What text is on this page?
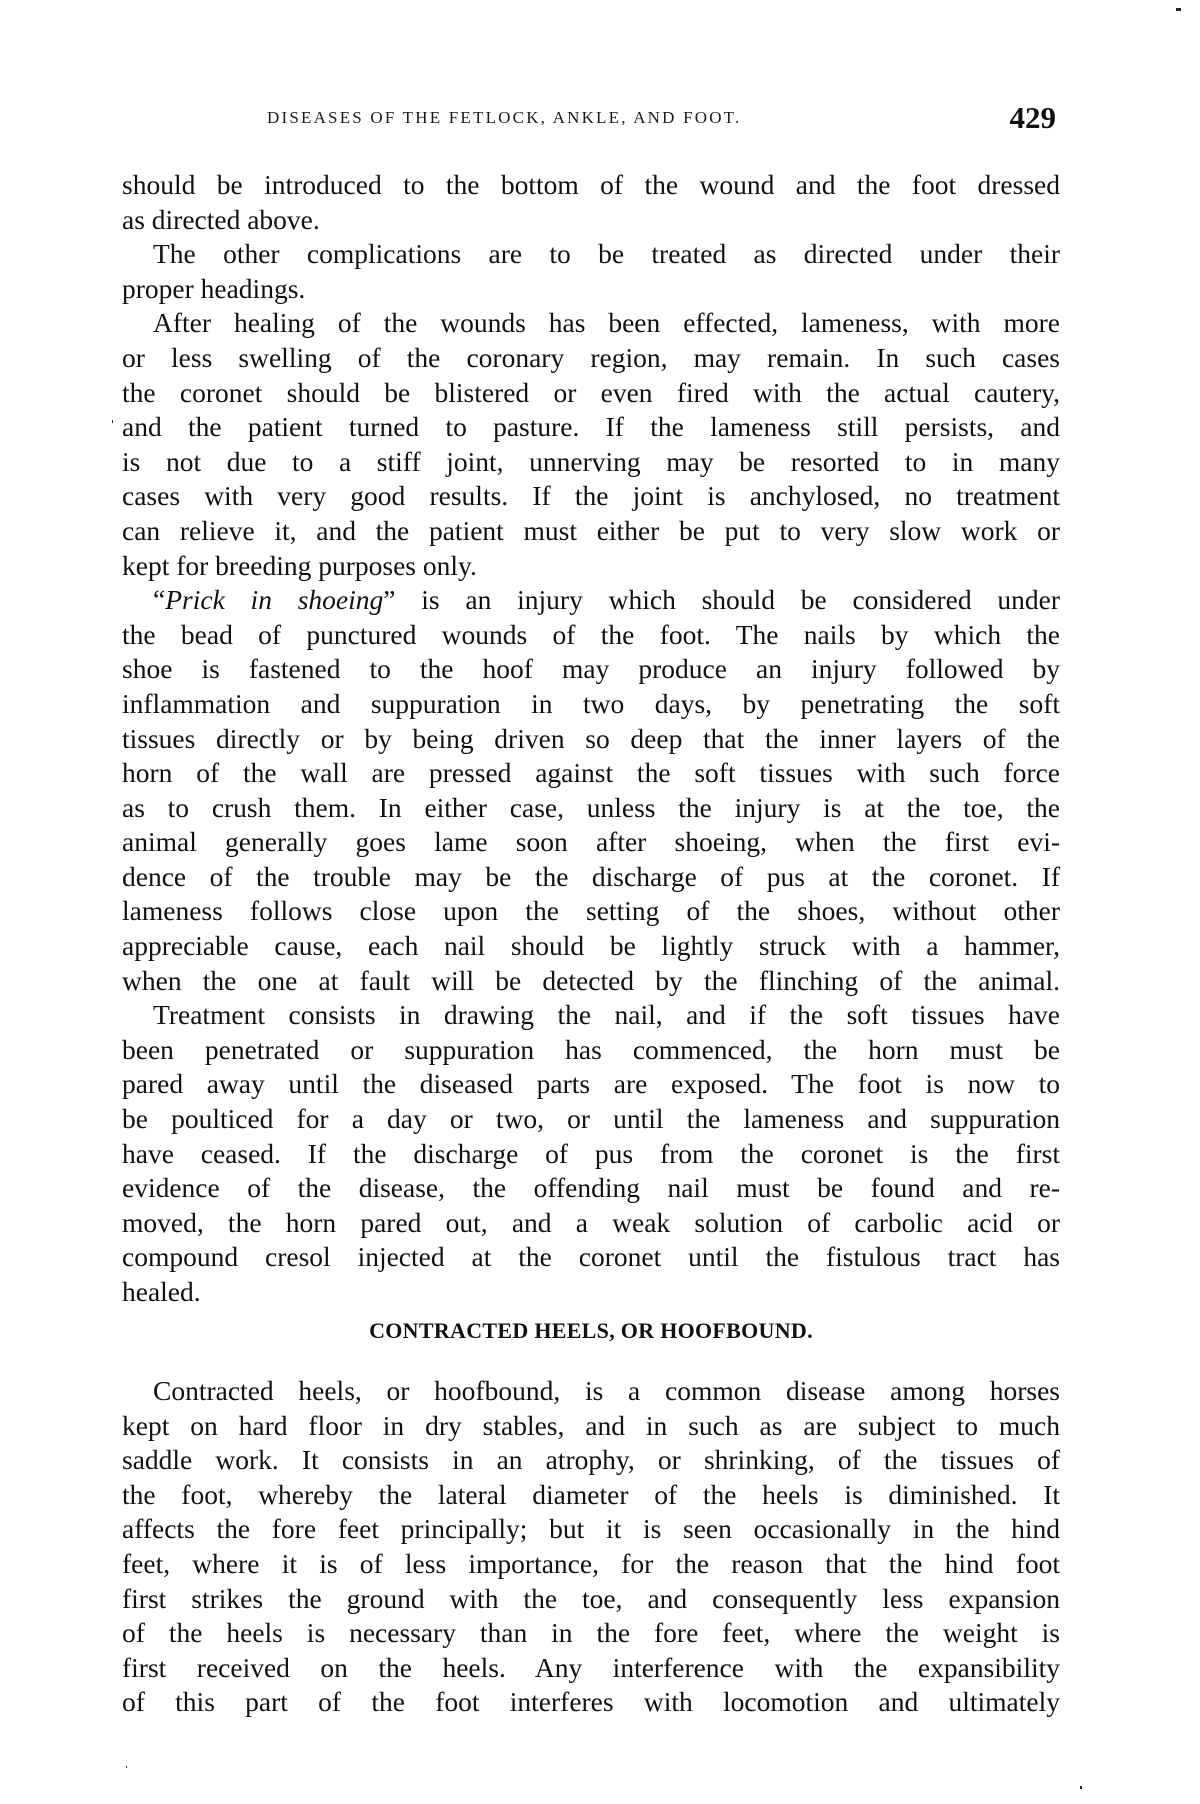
DISEASES OF THE FETLOCK, ANKLE, AND FOOT.	429
should be introduced to the bottom of the wound and the foot dressed
as directed above.
The other complications are to be treated as directed under their
proper headings.
After healing of the wounds has been effected, lameness, with more
or less swelling of the coronary region, may remain. In such cases
the coronet should be blistered or even fired with the actual cautery,
and the patient turned to pasture. If the lameness still persists, and
is not due to a stiff joint, unnerving may be resorted to in many
cases with very good results. If the joint is anchylosed, no treatment
can relieve it, and the patient must either be put to very slow work or
kept for breeding purposes only.
“Prick in shoeing” is an injury which should be considered under
the bead of punctured wounds of the foot. The nails by which the
shoe is fastened to the hoof may produce an injury followed by
inflammation and suppuration in two days, by penetrating the soft
tissues directly or by being driven so deep that the inner layers of the
horn of the wall are pressed against the soft tissues with such force
as to crush them. In either case, unless the injury is at the toe, the
animal generally goes lame soon after shoeing, when the first evi-
dence of the trouble may be the discharge of pus at the coronet. If
lameness follows close upon the setting of the shoes, without other
appreciable cause, each nail should be lightly struck with a hammer,
when the one at fault will be detected by the flinching of the animal.
Treatment consists in drawing the nail, and if the soft tissues have
been penetrated or suppuration has commenced, the horn must be
pared away until the diseased parts are exposed. The foot is now to
be poulticed for a day or two, or until the lameness and suppuration
have ceased. If the discharge of pus from the coronet is the first
evidence of the disease, the offending nail must be found and re-
moved, the horn pared out, and a weak solution of carbolic acid or
compound cresol injected at the coronet until the fistulous tract has
healed.
CONTRACTED HEELS, OR HOOFBOUND.
Contracted heels, or hoofbound, is a common disease among horses
kept on hard floor in dry stables, and in such as are subject to much
saddle work. It consists in an atrophy, or shrinking, of the tissues of
the foot, whereby the lateral diameter of the heels is diminished. It
affects the fore feet principally; but it is seen occasionally in the hind
feet, where it is of less importance, for the reason that the hind foot
first strikes the ground with the toe, and consequently less expansion
of the heels is necessary than in the fore feet, where the weight is
first received on the heels. Any interference with the expansibility
of this part of the foot interferes with locomotion and ultimately
